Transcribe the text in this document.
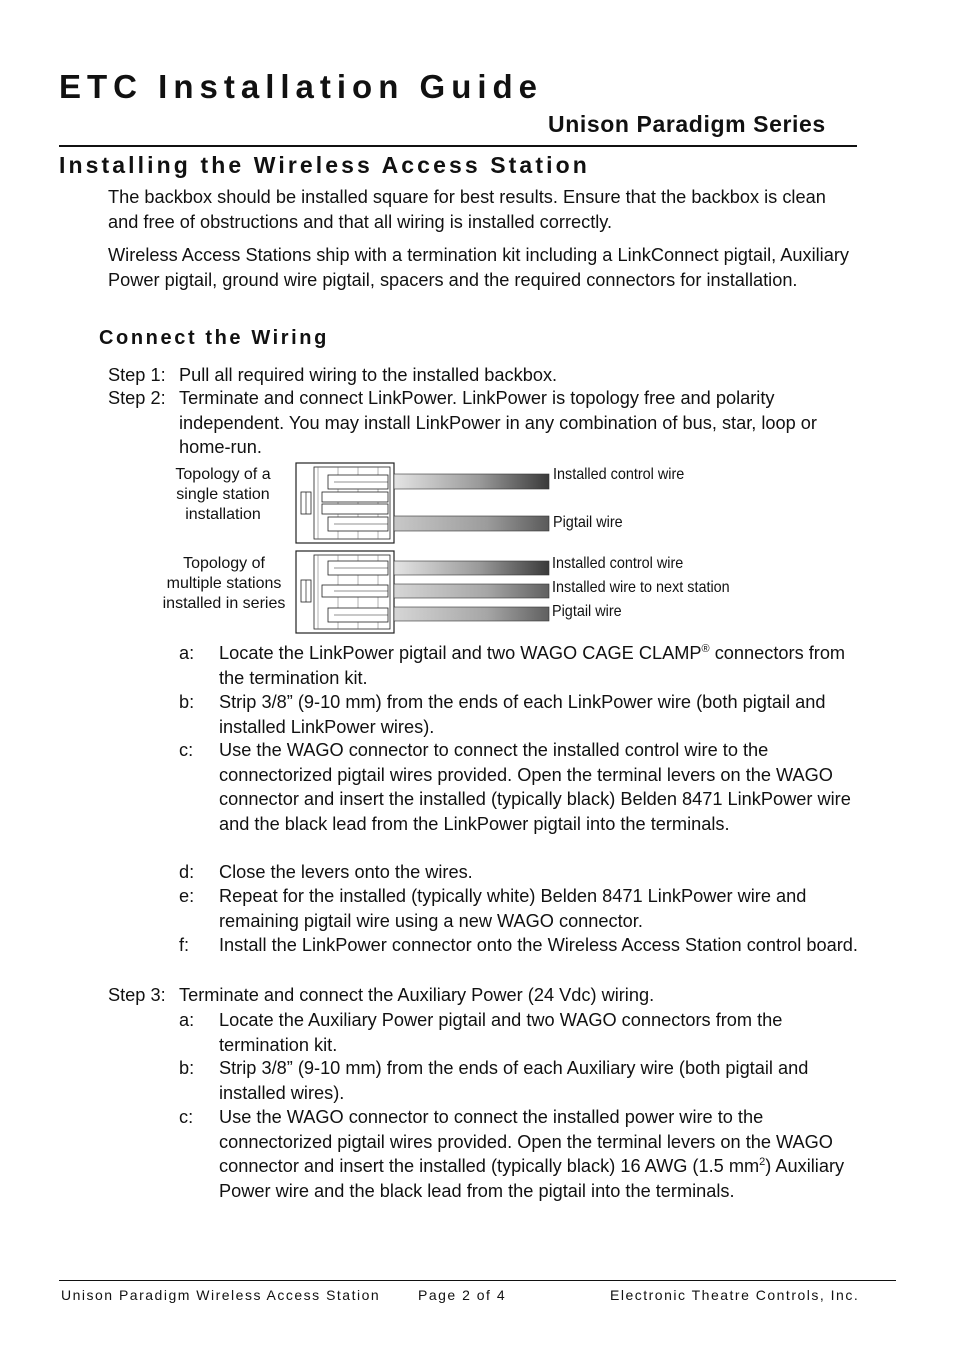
ETC Installation Guide
Unison Paradigm Series
Installing the Wireless Access Station
The backbox should be installed square for best results. Ensure that the backbox is clean and free of obstructions and that all wiring is installed correctly.
Wireless Access Stations ship with a termination kit including a LinkConnect pigtail, Auxiliary Power pigtail, ground wire pigtail, spacers and the required connectors for installation.
Connect the Wiring
Step 1: Pull all required wiring to the installed backbox.
Step 2: Terminate and connect LinkPower. LinkPower is topology free and polarity independent. You may install LinkPower in any combination of bus, star, loop or home-run.
Topology of a single station installation
Installed control wire
Pigtail wire
Topology of multiple stations installed in series
Installed control wire
Installed wire to next station
Pigtail wire
a: Locate the LinkPower pigtail and two WAGO CAGE CLAMP® connectors from the termination kit.
b: Strip 3/8” (9-10 mm) from the ends of each LinkPower wire (both pigtail and installed LinkPower wires).
c: Use the WAGO connector to connect the installed control wire to the connectorized pigtail wires provided. Open the terminal levers on the WAGO connector and insert the installed (typically black) Belden 8471 LinkPower wire and the black lead from the LinkPower pigtail into the terminals.
d: Close the levers onto the wires.
e: Repeat for the installed (typically white) Belden 8471 LinkPower wire and remaining pigtail wire using a new WAGO connector.
f: Install the LinkPower connector onto the Wireless Access Station control board.
Step 3: Terminate and connect the Auxiliary Power (24 Vdc) wiring.
a: Locate the Auxiliary Power pigtail and two WAGO connectors from the termination kit.
b: Strip 3/8” (9-10 mm) from the ends of each Auxiliary wire (both pigtail and installed wires).
c: Use the WAGO connector to connect the installed power wire to the connectorized pigtail wires provided. Open the terminal levers on the WAGO connector and insert the installed (typically black) 16 AWG (1.5 $mm^2$) Auxiliary Power wire and the black lead from the pigtail into the terminals.
Unison Paradigm Wireless Access Station	Page 2 of 4	Electronic Theatre Controls, Inc.
